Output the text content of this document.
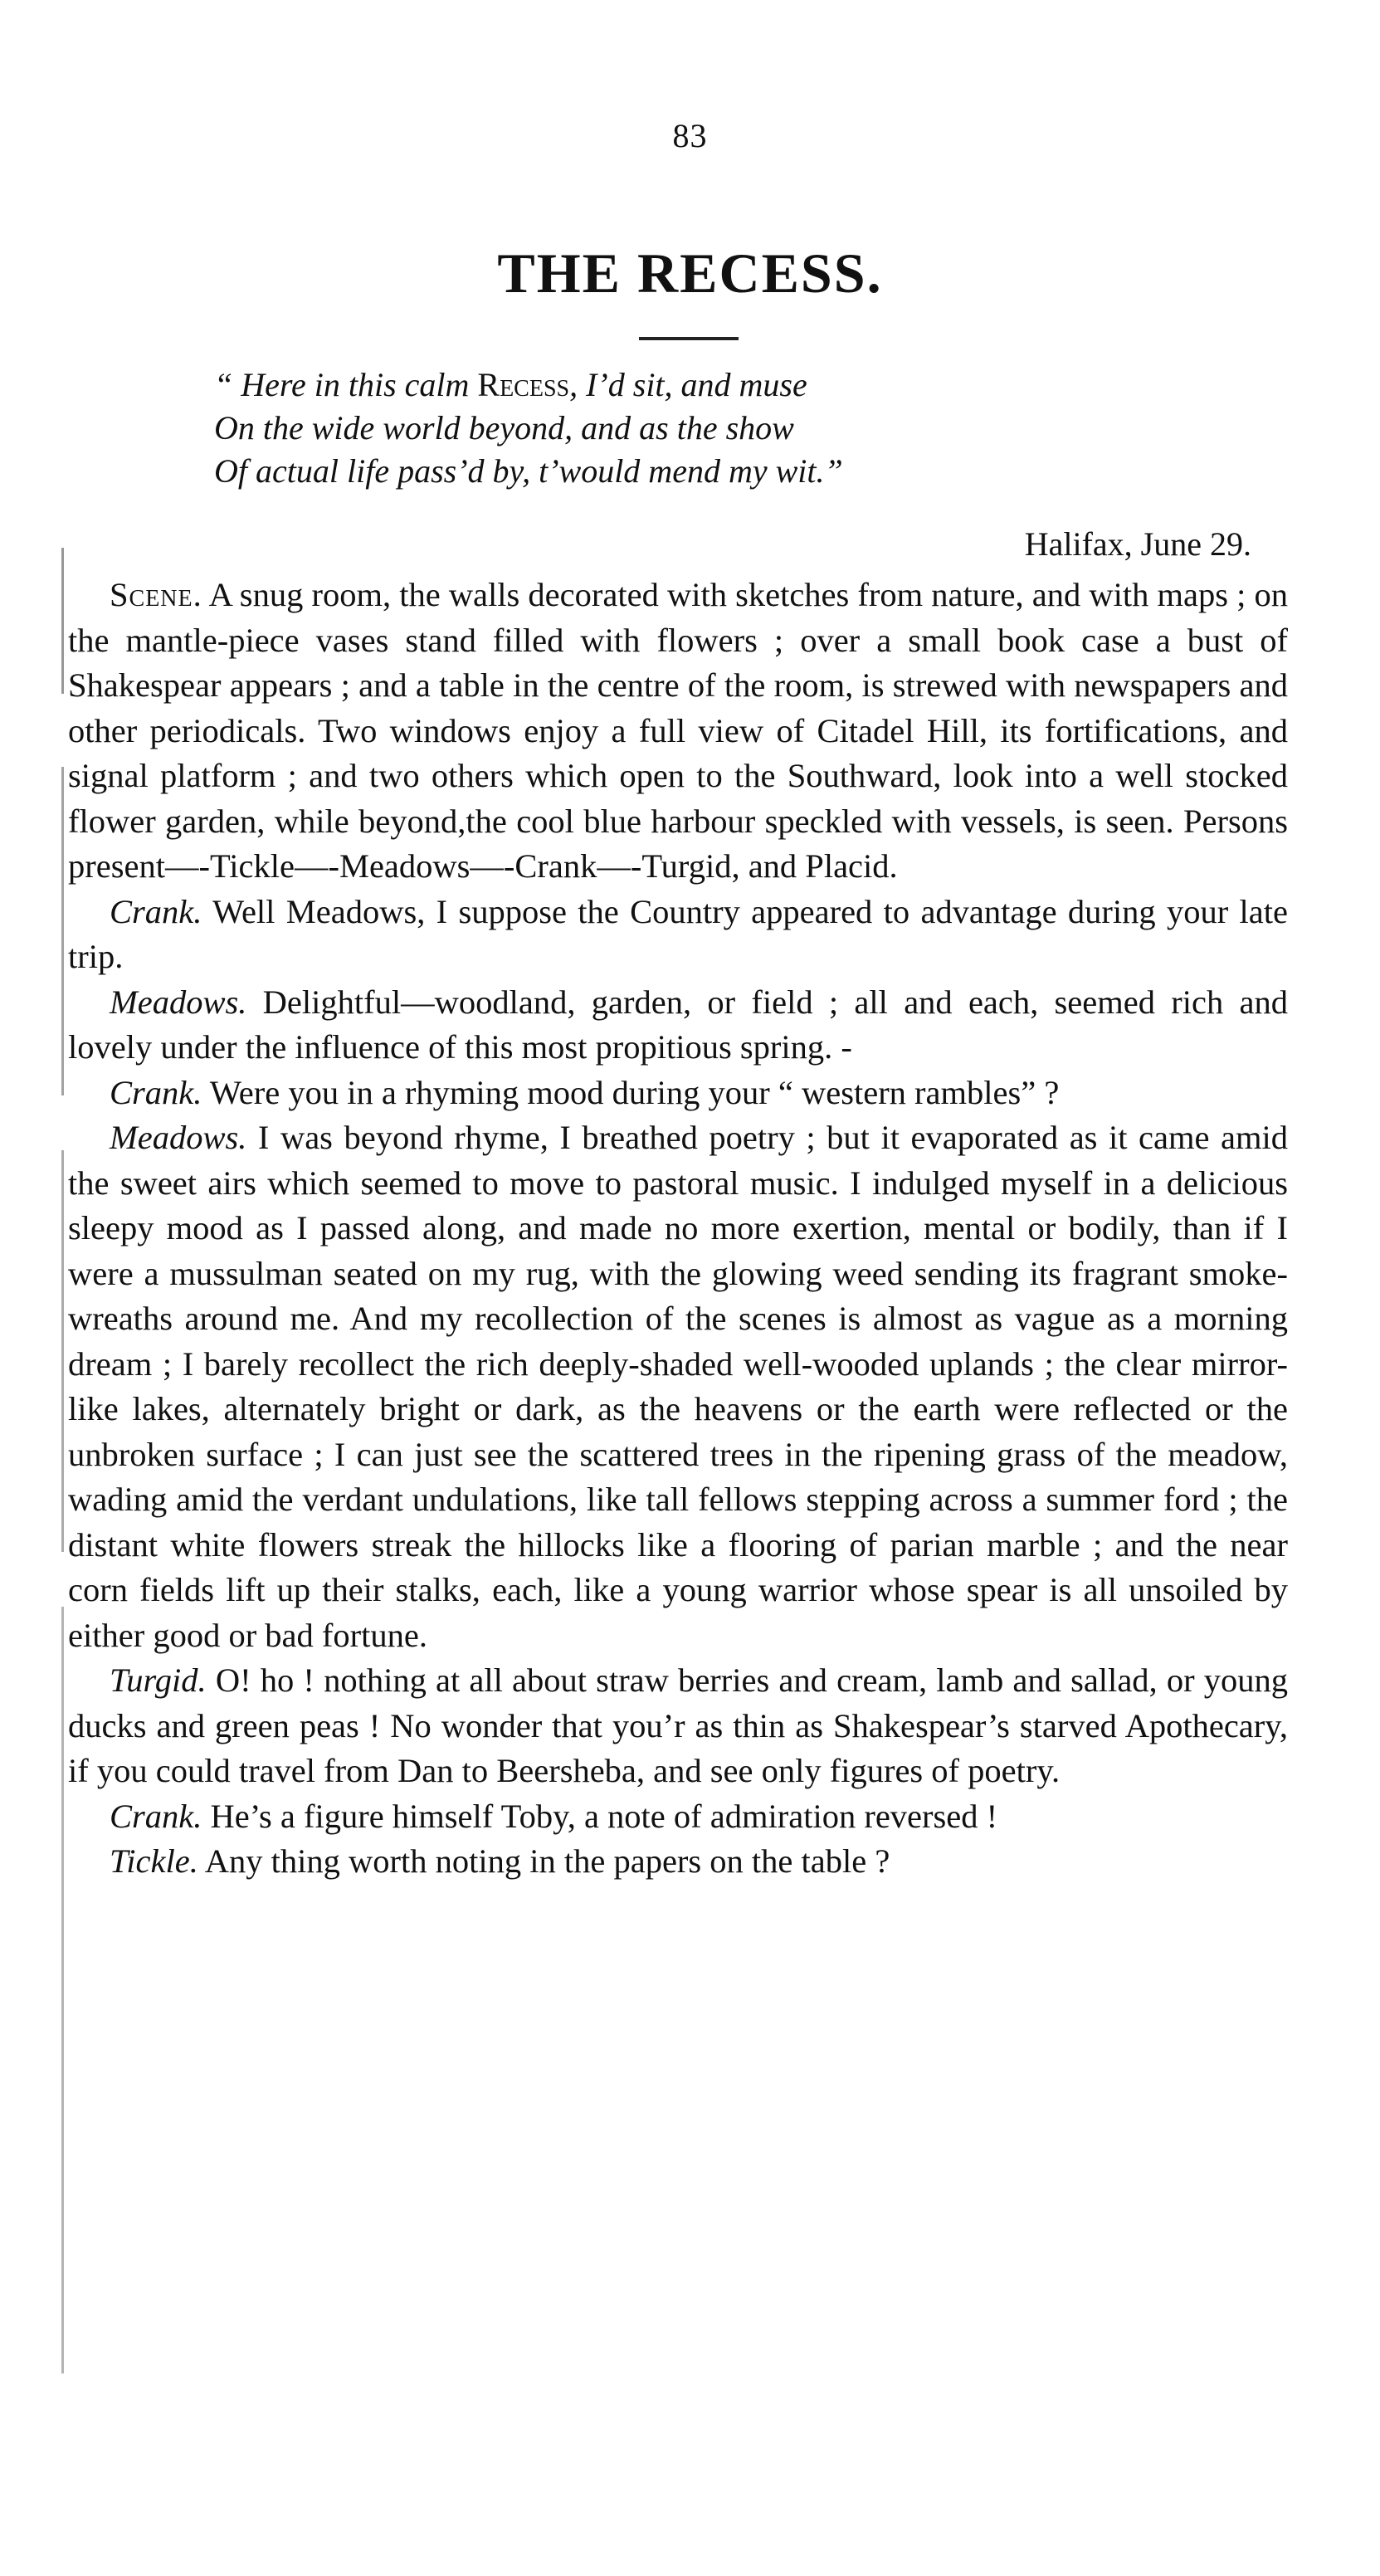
83
THE RECESS.
“ Here in this calm Recess, I’d sit, and muse
On the wide world beyond, and as the show
Of actual life pass’d by, t’would mend my wit.”
Halifax, June 29.

Scene. A snug room, the walls decorated with sketches from nature, and with maps ; on the mantle-piece vases stand filled with flowers ; over a small book case a bust of Shakespear appears ; and a table in the centre of the room, is strewed with newspapers and other periodicals. Two windows enjoy a full view of Citadel Hill, its fortifications, and signal platform ; and two others which open to the Southward, look into a well stocked flower garden, while beyond,the cool blue harbour speckled with vessels, is seen. Persons present—-Tickle—-Meadows—-Crank—-Turgid, and Placid.

Crank. Well Meadows, I suppose the Country appeared to advantage during your late trip.

Meadows. Delightful—woodland, garden, or field ; all and each, seemed rich and lovely under the influence of this most propitious spring. -

Crank. Were you in a rhyming mood during your “ western rambles” ?

Meadows. I was beyond rhyme, I breathed poetry ; but it evaporated as it came amid the sweet airs which seemed to move to pastoral music. I indulged myself in a delicious sleepy mood as I passed along, and made no more exertion, mental or bodily, than if I were a mussulman seated on my rug, with the glowing weed sending its fragrant smoke-wreaths around me. And my recollection of the scenes is almost as vague as a morning dream ; I barely recollect the rich deeply-shaded well-wooded uplands ; the clear mirror-like lakes, alternately bright or dark, as the heavens or the earth were reflected or the unbroken surface ; I can just see the scattered trees in the ripening grass of the meadow, wading amid the verdant undulations, like tall fellows stepping across a summer ford ; the distant white flowers streak the hillocks like a flooring of parian marble ; and the near corn fields lift up their stalks, each, like a young warrior whose spear is all unsoiled by either good or bad fortune.

Turgid. O! ho ! nothing at all about straw berries and cream, lamb and sallad, or young ducks and green peas ! No wonder that you’r as thin as Shakespear’s starved Apothecary, if you could travel from Dan to Beersheba, and see only figures of poetry.

Crank. He’s a figure himself Toby, a note of admiration reversed !

Tickle. Any thing worth noting in the papers on the table ?
